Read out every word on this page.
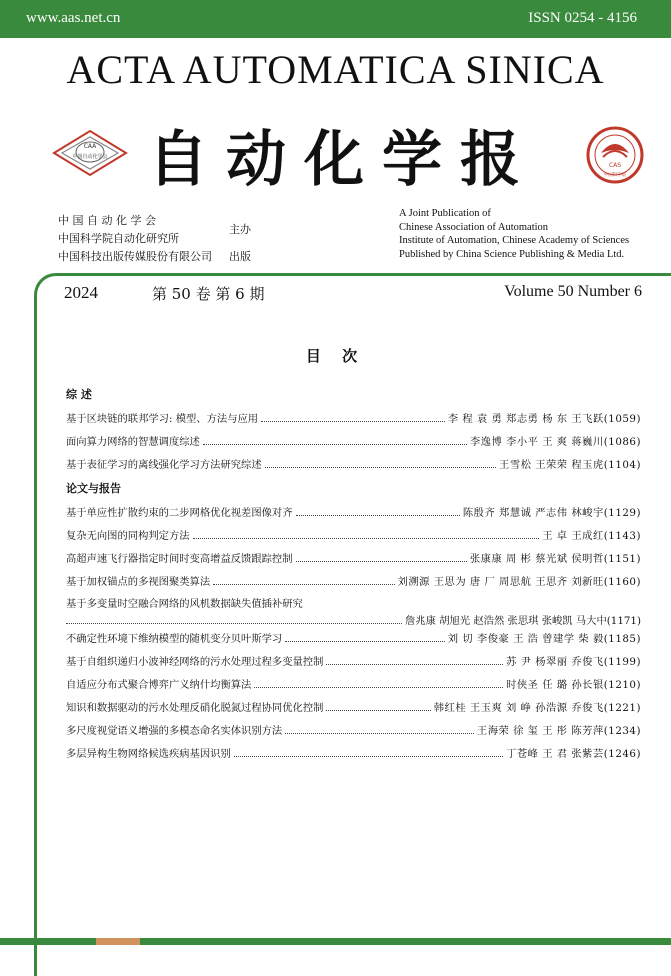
www.aas.net.cn	ISSN 0254 - 4156
ACTA AUTOMATICA SINICA
CAA
中国自动化学会 自动化学报	CAS
中国科学院
中 国 自 动 化 学 会
中国科学院自动化研究所
中国科技出版传媒股份有限公司
主办
出版
A Joint Publication of
Chinese Association of Automation
Institute of Automation, Chinese Academy of Sciences
Published by China Science Publishing & Media Ltd.
2024	第 50 卷 第 6 期	Volume 50 Number 6
目 次
综 述
基于区块链的联邦学习: 模型、方法与应用	李 程 袁 勇 郑志勇 杨 东 王飞跃(1059)
面向算力网络的智慧调度综述	李逸博 李小平 王 爽 蒋巍川(1086)
基于表征学习的离线强化学习方法研究综述	王雪松 王荣荣 程玉虎(1104)
论文与报告
基于单应性扩散约束的二步网格优化视差图像对齐	陈殷齐 郑慧诚 严志伟 林峻宇(1129)
复杂无向图的同构判定方法	王 卓 王成红(1143)
高超声速飞行器指定时间时变高增益反馈跟踪控制	张康康 周 彬 蔡光斌 侯明哲(1151)
基于加权锚点的多视图聚类算法	刘溯源 王思为 唐 厂 周思航 王思齐 刘新旺(1160)
基于多变量时空融合网络的风机数据缺失值插补研究
詹兆康 胡旭光 赵浩然 张思琪 张峻凯 马大中(1171)
不确定性环境下维纳模型的随机变分贝叶斯学习	刘 切 李俊豪 王 浩 曾建学 柴 毅(1185)
基于自组织递归小波神经网络的污水处理过程多变量控制	苏 尹 杨翠丽 乔俊飞(1199)
自适应分布式聚合博弈广义纳什均衡算法	时侠圣 任 璐 孙长银(1210)
知识和数据驱动的污水处理反硝化脱氮过程协同优化控制	韩红桂 王玉爽 刘 峥 孙浩源 乔俊飞(1221)
多尺度视觉语义增强的多模态命名实体识别方法	王海荣 徐 玺 王 彤 陈芳萍(1234)
多层异构生物网络候选疾病基因识别	丁苍峰 王 君 张紫芸(1246)
